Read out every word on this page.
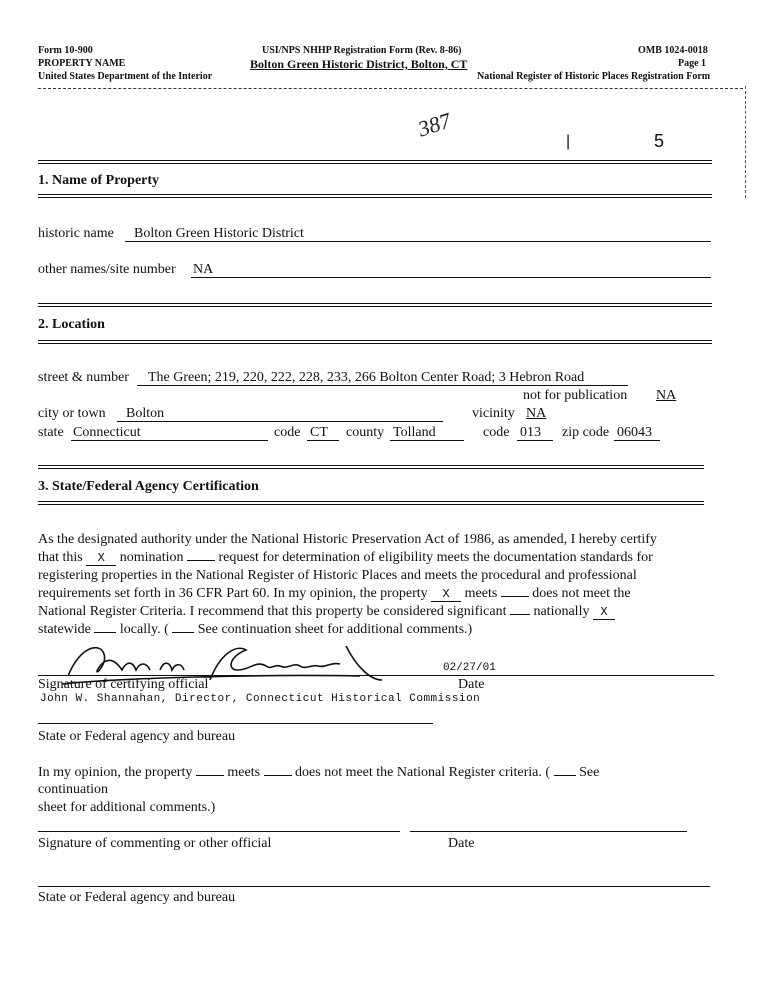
Form 10-900	USI/NPS NHHP Registration Form (Rev. 8-86)	OMB 1024-0018
PROPERTY NAME	Bolton Green Historic District, Bolton, CT	Page 1
United States Department of the Interior	National Register of Historic Places Registration Form
387	5
|
1. Name of Property
historic name	Bolton Green Historic District
other names/site number NA
2. Location
street & number	The Green; 219, 220, 222, 228, 233, 266 Bolton Center Road; 3 Hebron Road
not for publication NA
city or town	Bolton	vicinity NA
state Connecticut	code CT	county Tolland	code 013	zip code 06043
3. State/Federal Agency Certification
As the designated authority under the National Historic Preservation Act of 1986, as amended, I hereby certify
that this X nomination	request for determination of eligibility meets the documentation standards for
registering properties in the National Register of Historic Places and meets the procedural and professional
requirements set forth in 36 CFR Part 60. In my opinion, the property X meets	does not meet the
National Register Criteria. I recommend that this property be considered significant nationally X
statewide locally. ( See continuation sheet for additional comments.)
02/27/01
Signature of certifying official	Date
John W. Shannahan, Director, Connecticut Historical Commission
State or Federal agency and bureau
In my opinion, the property	meets	does not meet the National Register criteria. ( See
continuation
sheet for additional comments.)
Signature of commenting or other official	Date
State or Federal agency and bureau
